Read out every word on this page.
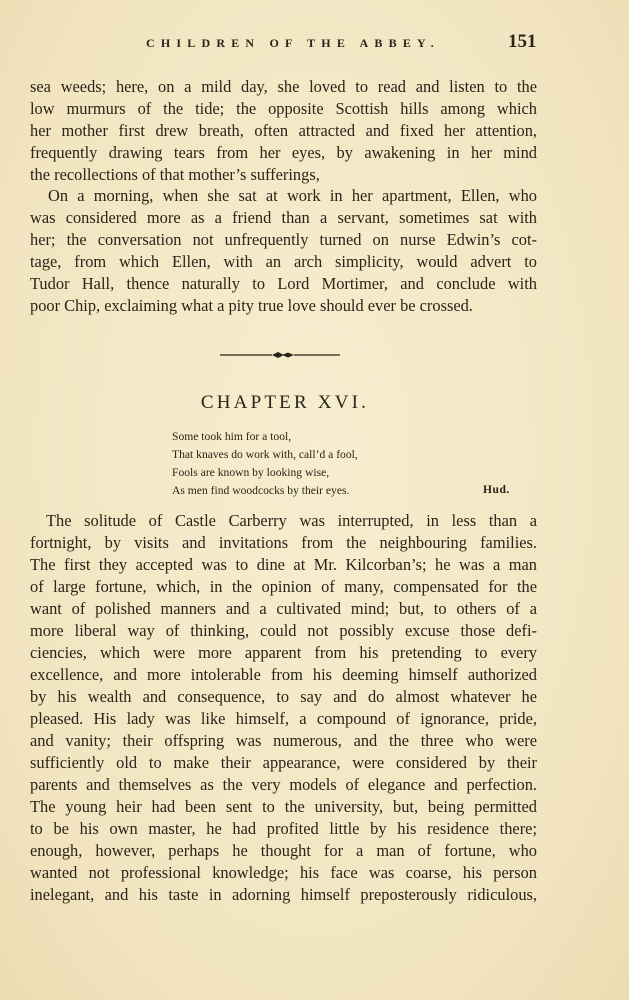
CHILDREN OF THE ABBEY.	151
sea weeds; here, on a mild day, she loved to read and listen to the
low murmurs of the tide; the opposite Scottish hills among which
her mother first drew breath, often attracted and fixed her attention,
frequently drawing tears from her eyes, by awakening in her mind
the recollections of that mother’s sufferings,
On a morning, when she sat at work in her apartment, Ellen, who
was considered more as a friend than a servant, sometimes sat with
her; the conversation not unfrequently turned on nurse Edwin’s cot-
tage, from which Ellen, with an arch simplicity, would advert to
Tudor Hall, thence naturally to Lord Mortimer, and conclude with
poor Chip, exclaiming what a pity true love should ever be crossed.
CHAPTER XVI.
Some took him for a tool,
That knaves do work with, call’d a fool,
Fools are known by looking wise,
As men find woodcocks by their eyes.	Hud.
The solitude of Castle Carberry was interrupted, in less than a
fortnight, by visits and invitations from the neighbouring families.
The first they accepted was to dine at Mr. Kilcorban’s; he was a man
of large fortune, which, in the opinion of many, compensated for the
want of polished manners and a cultivated mind; but, to others of a
more liberal way of thinking, could not possibly excuse those defi-
ciencies, which were more apparent from his pretending to every
excellence, and more intolerable from his deeming himself authorized
by his wealth and consequence, to say and do almost whatever he
pleased. His lady was like himself, a compound of ignorance, pride,
and vanity; their offspring was numerous, and the three who were
sufficiently old to make their appearance, were considered by their
parents and themselves as the very models of elegance and perfection.
The young heir had been sent to the university, but, being permitted
to be his own master, he had profited little by his residence there;
enough, however, perhaps he thought for a man of fortune, who
wanted not professional knowledge; his face was coarse, his person
inelegant, and his taste in adorning himself preposterously ridiculous,
